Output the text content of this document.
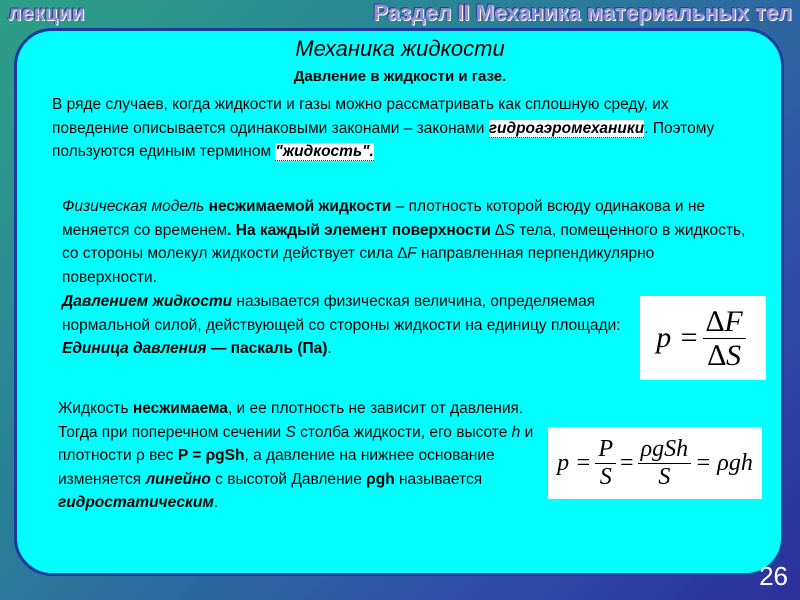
лекции	Раздел II Механика материальных тел
Механика жидкости
Давление в жидкости и газе.
В ряде случаев, когда жидкости и газы можно рассматривать как сплошную среду, их поведение описывается одинаковыми законами – законами гидроаэромеханики. Поэтому пользуются единым термином "жидкость".
Физическая модель несжимаемой жидкости – плотность которой всюду одинакова и не меняется со временем. На каждый элемент поверхности ∆S тела, помещенного в жидкость, со стороны молекул жидкости действует сила ∆F направленная перпендикулярно поверхности.
Давлением жидкости называется физическая величина, определяемая нормальной силой, действующей со стороны жидкости на единицу площади:
Единица давления — паскаль (Па).	$p = \frac{\Delta F}{\Delta S}$
Жидкость несжимаема, и ее плотность не зависит от давления. Тогда при поперечном сечении S столба жидкости, его высоте h и плотности ρ вес P = ρgSh, а давление на нижнее основание изменяется линейно с высотой Давление ρgh называется гидростатическим.
$p = \frac{P}{S} = \frac{\text{ρgSh}}{S} = \rho gh$
26
